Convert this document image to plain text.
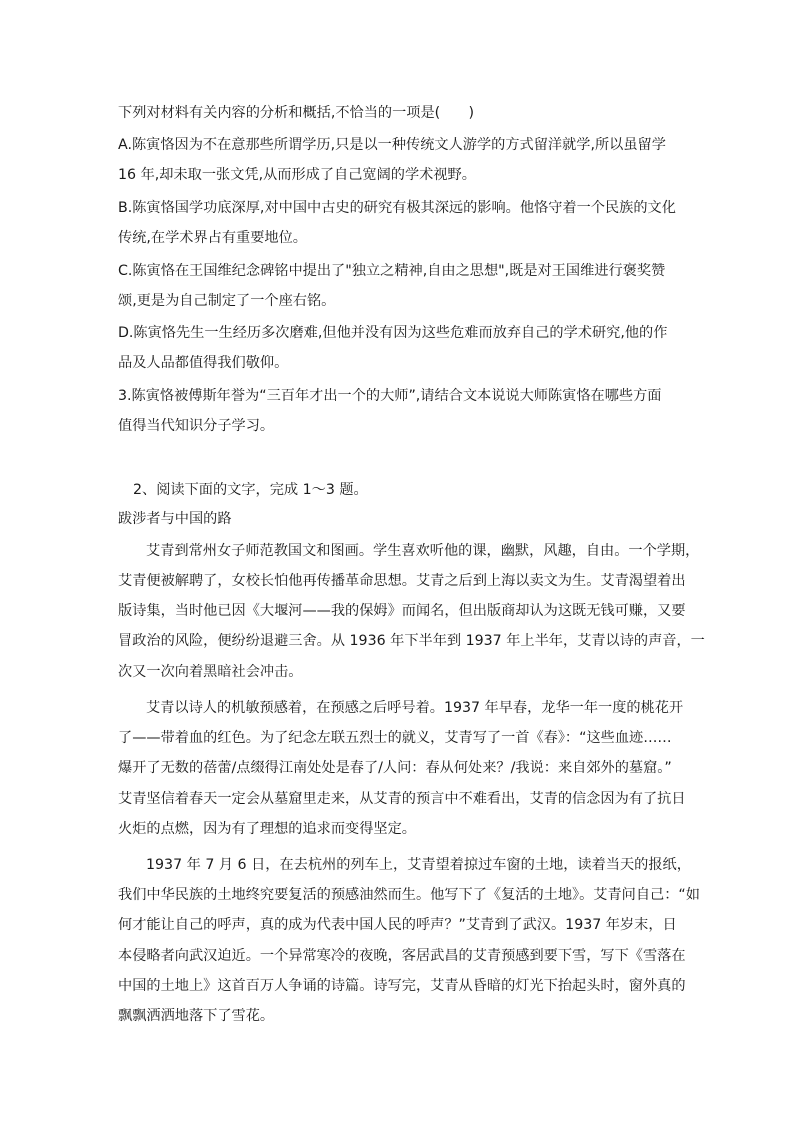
下列对材料有关内容的分析和概括,不恰当的一项是(　　)
A.陈寅恪因为不在意那些所谓学历,只是以一种传统文人游学的方式留洋就学,所以虽留学
16 年,却未取一张文凭,从而形成了自己宽阔的学术视野。
B.陈寅恪国学功底深厚,对中国中古史的研究有极其深远的影响。他恪守着一个民族的文化
传统,在学术界占有重要地位。
C.陈寅恪在王国维纪念碑铭中提出了"独立之精神,自由之思想",既是对王国维进行褒奖赞
颂,更是为自己制定了一个座右铭。
D.陈寅恪先生一生经历多次磨难,但他并没有因为这些危难而放弃自己的学术研究,他的作
品及人品都值得我们敬仰。
3.陈寅恪被傅斯年誉为“三百年才出一个的大师”,请结合文本说说大师陈寅恪在哪些方面
值得当代知识分子学习。
2、阅读下面的文字，完成 1～3 题。
跋涉者与中国的路
艾青到常州女子师范教国文和图画。学生喜欢听他的课，幽默，风趣，自由。一个学期，
艾青便被解聘了，女校长怕他再传播革命思想。艾青之后到上海以卖文为生。艾青渴望着出
版诗集，当时他已因《大堰河——我的保姆》而闻名，但出版商却认为这既无钱可赚，又要
冒政治的风险，便纷纷退避三舍。从 1936 年下半年到 1937 年上半年，艾青以诗的声音，一
次又一次向着黑暗社会冲击。
艾青以诗人的机敏预感着，在预感之后呼号着。1937 年早春，龙华一年一度的桃花开
了——带着血的红色。为了纪念左联五烈士的就义，艾青写了一首《春》：“这些血迹……
爆开了无数的蓓蕾/点缀得江南处处是春了/人问：春从何处来？/我说：来自郊外的墓窟。”
艾青坚信着春天一定会从墓窟里走来，从艾青的预言中不难看出，艾青的信念因为有了抗日
火炬的点燃，因为有了理想的追求而变得坚定。
1937 年 7 月 6 日，在去杭州的列车上，艾青望着掠过车窗的土地，读着当天的报纸，
我们中华民族的土地终究要复活的预感油然而生。他写下了《复活的土地》。艾青问自己：“如
何才能让自己的呼声，真的成为代表中国人民的呼声？”艾青到了武汉。1937 年岁末，日
本侵略者向武汉迫近。一个异常寒冷的夜晚，客居武昌的艾青预感到要下雪，写下《雪落在
中国的土地上》这首百万人争诵的诗篇。诗写完，艾青从昏暗的灯光下抬起头时，窗外真的
飘飘洒洒地落下了雪花。
